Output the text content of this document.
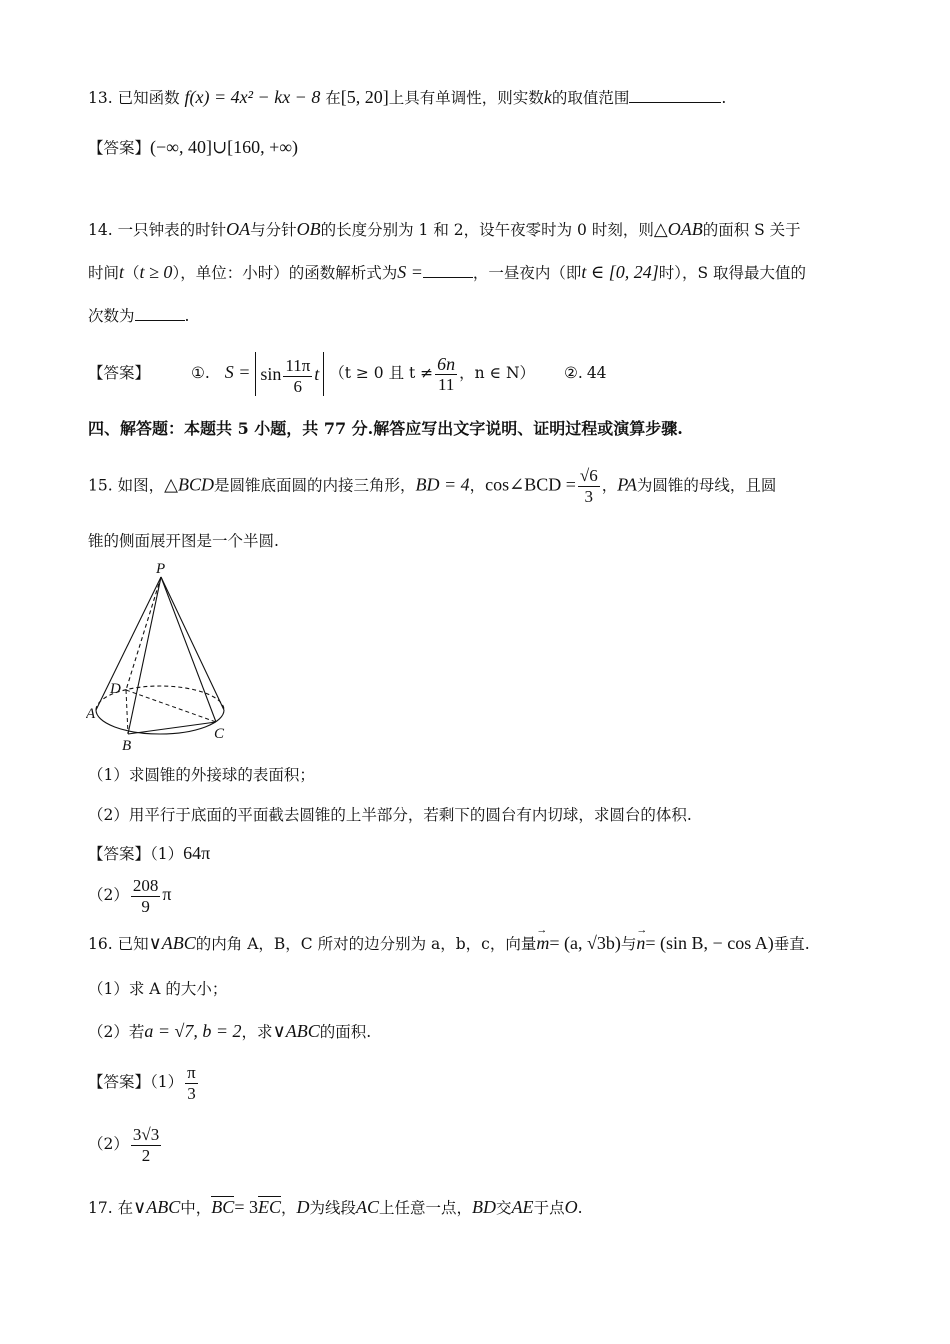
13. 已知函数 f(x) = 4x² − kx − 8 在[5, 20]上具有单调性，则实数k的取值范围	.
【答案】(−∞, 40]∪[160, +∞)
14. 一只钟表的时针OA与分针OB的长度分别为 1 和 2，设午夜零时为 0 时刻，则△OAB的面积 S 关于
时间t（t ≥ 0），单位：小时）的函数解析式为S =	，一昼夜内（即t ∈ [0, 24]时），S 取得最大值的
次数为	.
【答案】	①. $S = \sin \frac{11\pi}{6}$ t （t ≥ 0 且 $t \ne \frac{6n}{11}$ ，n ∈ N） ②. 44
四、解答题：本题共 5 小题，共 77 分.解答应写出文字说明、证明过程或演算步骤.
15. 如图，△BCD是圆锥底面圆的内接三角形，BD = 4，cos∠BCD = $\frac{√6}{3}$ ，PA为圆锥的母线，且圆
锥的侧面展开图是一个半圆.
P
D
A
B
C
（1）求圆锥的外接球的表面积；
（2）用平行于底面的平面截去圆锥的上半部分，若剩下的圆台有内切球，求圆台的体积.
【答案】（1）64π
$(2) \frac{208}{9}$ π
16. 已知∨ABC的内角 A，B，C 所对的边分别为 a，b，c，向量→ m= (a, √3b)与→ n= (sin B, − cos A)垂直.
（1）求 A 的大小；
（2）若a = √7, b = 2，求∨ABC的面积.
【答案】$(1) \frac{\pi}{3}$
$(2) \frac{3√3}{2}$
17. 在∨ABC中，BC= 3EC，D为线段AC上任意一点，BD交AE于点O.
